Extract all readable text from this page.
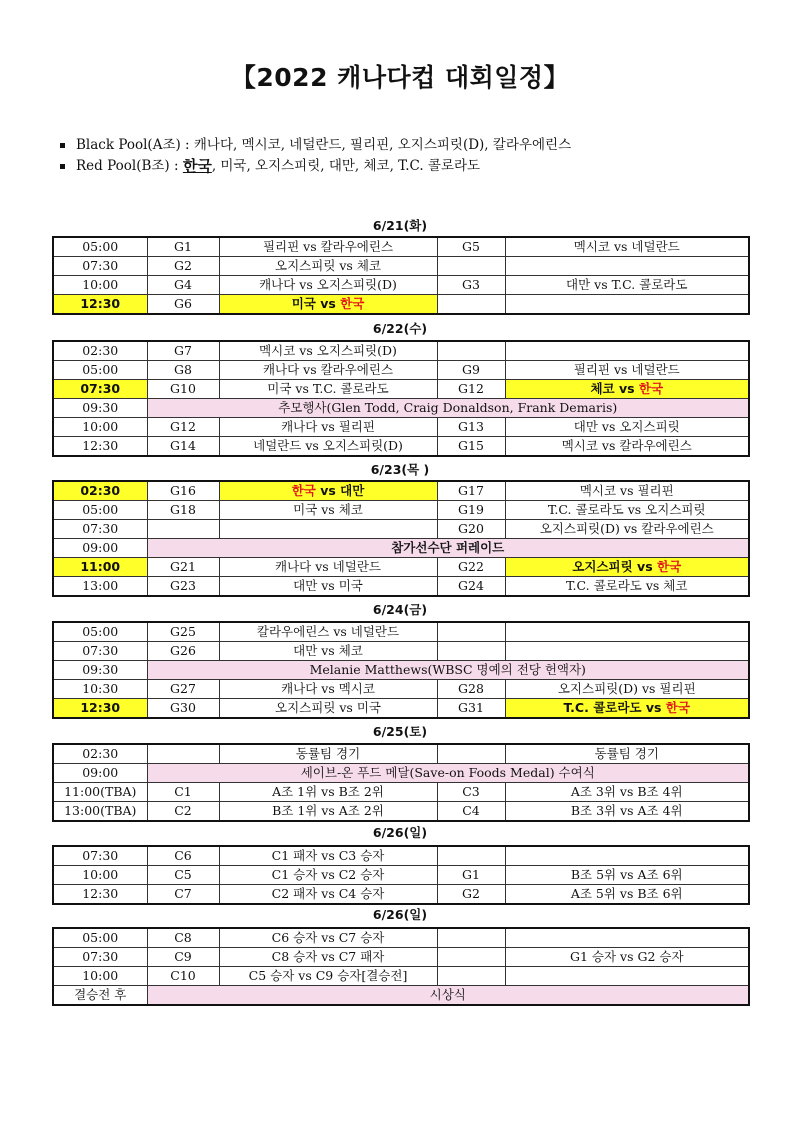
【2022 캐나다컵 대회일정】
Black Pool(A조) : 캐나다, 멕시코, 네덜란드, 필리핀, 오지스피릿(D), 칼라우에린스
Red Pool(B조) : 한국 , 미국, 오지스피릿, 대만, 체코, T.C. 콜로라도
6/21(화)
05:00	G1	필리핀 vs 칼라우에린스	G5	멕시코 vs 네덜란드
07:30	G2	오지스피릿 vs 체코		
10:00	G4	캐나다 vs 오지스피릿(D)	G3	대만 vs T.C. 콜로라도
12:30	G6	미국 vs 한국		
6/22(수)
02:30	G7	멕시코 vs 오지스피릿(D)		
05:00	G8	캐나다 vs 칼라우에린스	G9	필리핀 vs 네덜란드
07:30	G10	미국 vs T.C. 콜로라도	G12	체코 vs 한국
09:30	추모행사(Glen Todd, Craig Donaldson, Frank Demaris)			
10:00	G12	캐나다 vs 필리핀	G13	대만 vs 오지스피릿
12:30	G14	네덜란드 vs 오지스피릿(D)	G15	멕시코 vs 칼라우에린스
6/23(목 )
02:30	G16	한국 vs 대만	G17	멕시코 vs 필리핀
05:00	G18	미국 vs 체코	G19	T.C. 콜로라도 vs 오지스피릿
07:30			G20	오지스피릿(D) vs 칼라우에린스
09:00	참가선수단 퍼레이드			
11:00	G21	캐나다 vs 네덜란드	G22	오지스피릿 vs 한국
13:00	G23	대만 vs 미국	G24	T.C. 콜로라도 vs 체코
6/24(금)
05:00	G25	칼라우에린스 vs 네덜란드		
07:30	G26	대만 vs 체코		
09:30	Melanie Matthews(WBSC 명예의 전당 헌액자)			
10:30	G27	캐나다 vs 멕시코	G28	오지스피릿(D) vs 필리핀
12:30	G30	오지스피릿 vs 미국	G31	T.C. 콜로라도 vs 한국
6/25(토)
02:30		동률팀 경기		동률팀 경기
09:00	세이브-온 푸드 메달(Save-on Foods Medal) 수여식			
11:00(TBA)	C1	A조 1위 vs B조 2위	C3	A조 3위 vs B조 4위
13:00(TBA)	C2	B조 1위 vs A조 2위	C4	B조 3위 vs A조 4위
6/26(일)
07:30	C6	C1 패자 vs C3 승자		
10:00	C5	C1 승자 vs C2 승자	G1	B조 5위 vs A조 6위
12:30	C7	C2 패자 vs C4 승자	G2	A조 5위 vs B조 6위
6/26(일)
05:00	C8	C6 승자 vs C7 승자		
07:30	C9	C8 승자 vs C7 패자		G1 승자 vs G2 승자
10:00	C10	C5 승자 vs C9 승자[결승전]		
결승전 후	시상식			
